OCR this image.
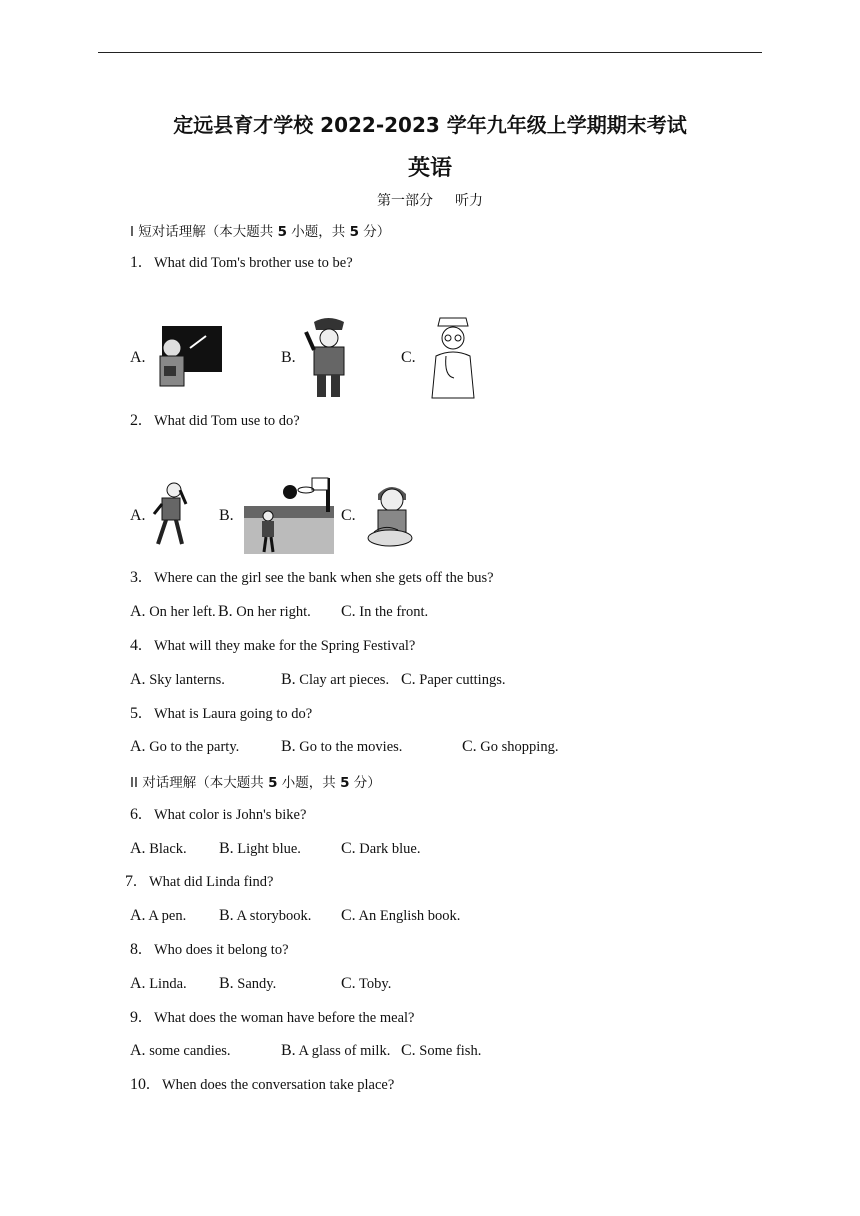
定远县育才学校 2022-2023 学年九年级上学期期末考试
英语
第一部分 听力
I 短对话理解（本大题共 5 小题，共 5 分）
1. What did Tom's brother use to be?
A.	B.	C.
2. What did Tom use to do?
A.	B.	C.
3. Where can the girl see the bank when she gets off the bus?
A. On her left. B. On her right. C. In the front.
4. What will they make for the Spring Festival?
A. Sky lanterns.	B. Clay art pieces. C. Paper cuttings.
5. What is Laura going to do?
A. Go to the party.	B. Go to the movies.	C. Go shopping.
II 对话理解（本大题共 5 小题，共 5 分）
6. What color is John's bike?
A. Black. B. Light blue.	C. Dark blue.
7. What did Linda find?
A. A pen. B. A storybook. C. An English book.
8. Who does it belong to?
A. Linda. B. Sandy.	C. Toby.
9. What does the woman have before the meal?
A. some candies.	B. A glass of milk. C. Some fish.
10. When does the conversation take place?
